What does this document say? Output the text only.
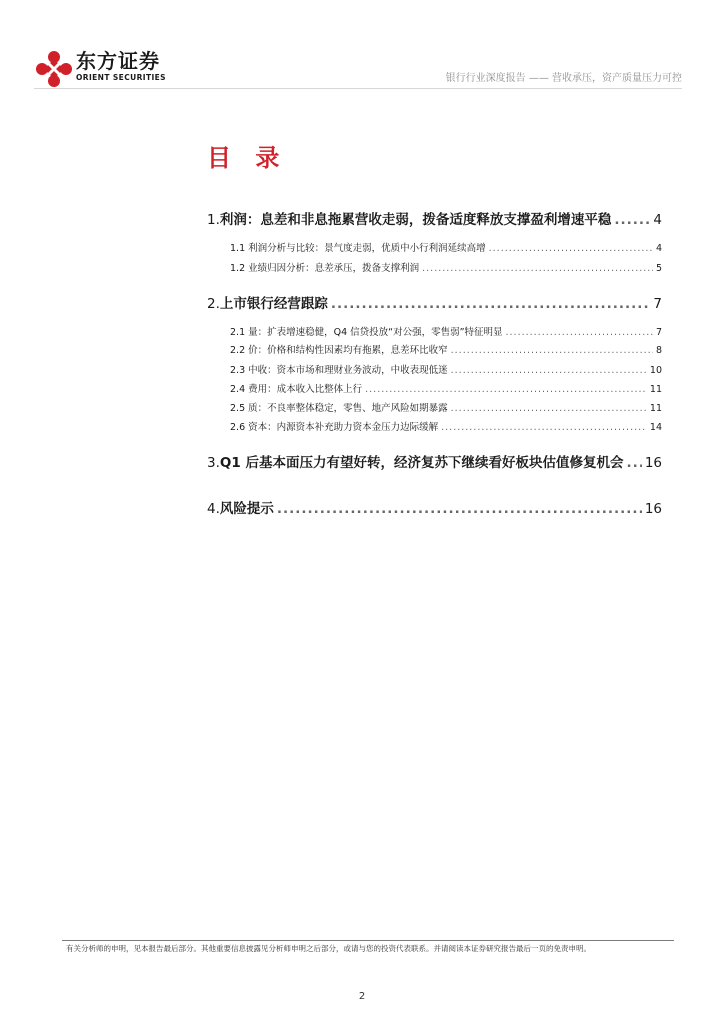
东方证券
ORIENT SECURITIES	银行行业深度报告 —— 营收承压，资产质量压力可控
目 录
1. 利润：息差和非息拖累营收走弱，拨备适度释放支撑盈利增速平稳 .....	4
1.1 利润分析与比较：景气度走弱，优质中小行利润延续高增 .....	4
1.2 业绩归因分析：息差承压，拨备支撑利润 .....	5
2. 上市银行经营跟踪 .....	7
2.1 量：扩表增速稳健，Q4 信贷投放“对公强，零售弱”特征明显 .....	7
2.2 价：价格和结构性因素均有拖累，息差环比收窄 .....	8
2.3 中收：资本市场和理财业务波动，中收表现低迷 .....	10
2.4 费用：成本收入比整体上行 .....	11
2.5 质：不良率整体稳定，零售、地产风险如期暴露 .....	11
2.6 资本：内源资本补充助力资本金压力边际缓解 .....	14
3. Q1 后基本面压力有望好转，经济复苏下继续看好板块估值修复机会 ..... 16
4. 风险提示 .....	16
有关分析师的申明，见本报告最后部分。其他重要信息披露见分析师申明之后部分，或请与您的投资代表联系。并请阅读本证券研究报告最后一页的免责申明。
2
